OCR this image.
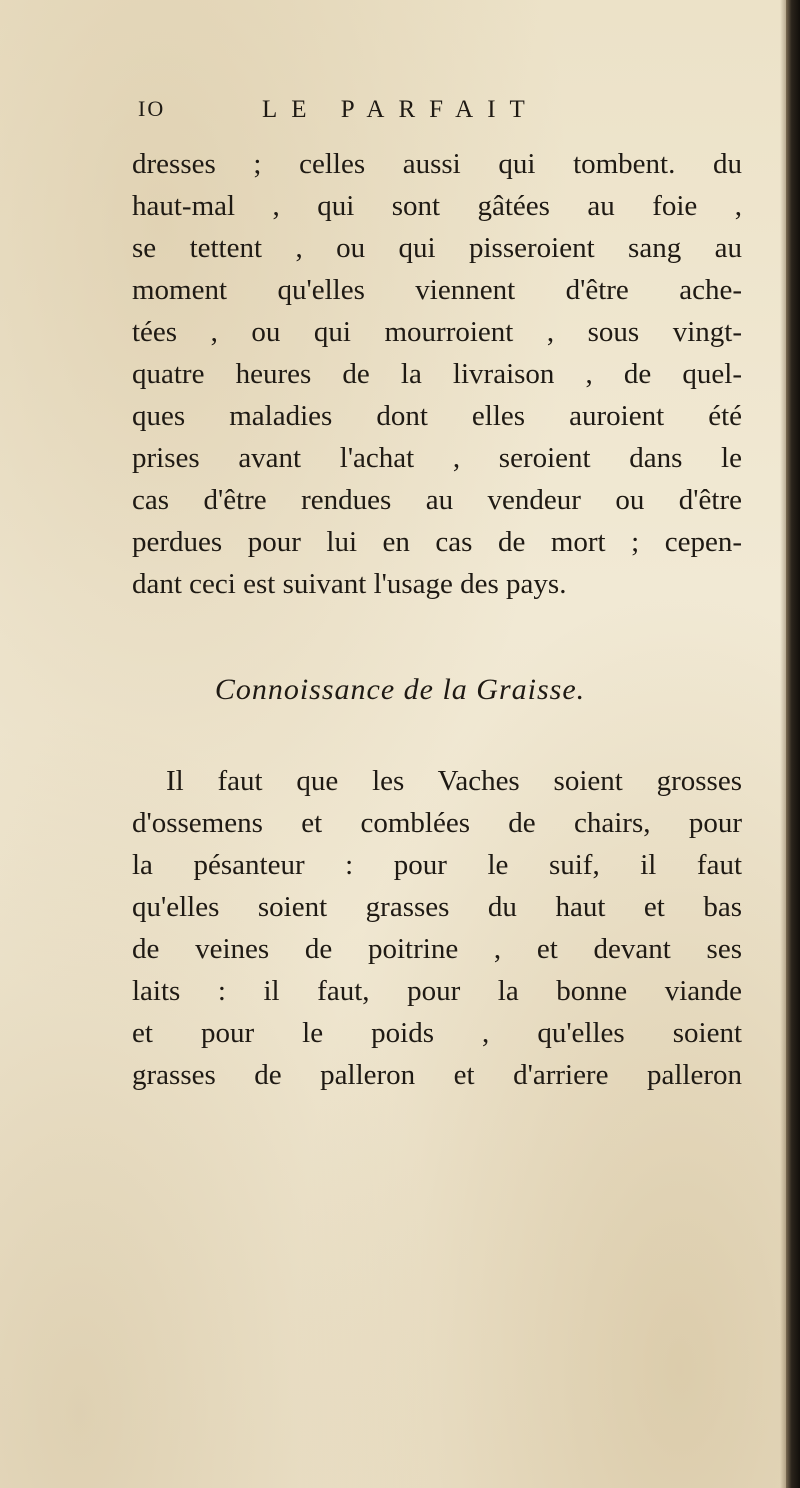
IO	LE PARFAIT
dresses ; celles aussi qui tombent. du
haut-mal , qui sont gâtées au foie ,
se tettent , ou qui pisseroient sang au
moment qu'elles viennent d'être ache-
tées , ou qui mourroient , sous vingt-
quatre heures de la livraison , de quel-
ques maladies dont elles auroient été
prises avant l'achat , seroient dans le
cas d'être rendues au vendeur ou d'être
perdues pour lui en cas de mort ; cepen-
dant ceci est suivant l'usage des pays.
Connoissance de la Graisse.
Il faut que les Vaches soient grosses
d'ossemens et comblées de chairs, pour
la pésanteur : pour le suif, il faut
qu'elles soient grasses du haut et bas
de veines de poitrine , et devant ses
laits : il faut, pour la bonne viande
et pour le poids , qu'elles soient
grasses de palleron et d'arriere palleron
